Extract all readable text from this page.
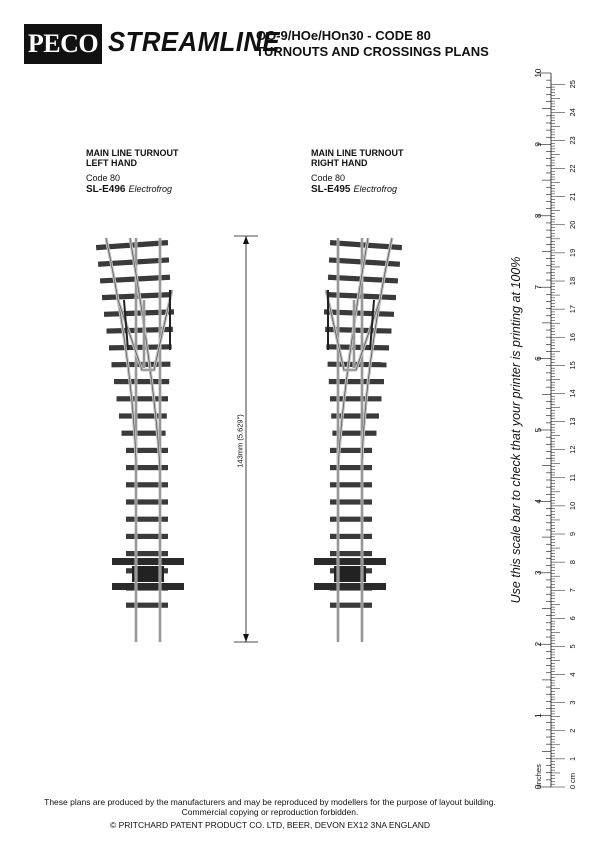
PECO STREAMLINE
OO-9/HOe/HOn30 - CODE 80
TURNOUTS AND CROSSINGS PLANS
MAIN LINE TURNOUT
LEFT HAND
Code 80
SL-E496 Electrofrog
MAIN LINE TURNOUT
RIGHT HAND
Code 80
SL-E495 Electrofrog
0
1
2
3
4
5
6
7
8
9
10
0
1
2
3
4
5
6
7
8
9
10
11
12
13
14
15
16
17
18
19
20
21
22
23
24
25
inches	cm
143mm (5.629")	Use this scale bar to check that your printer is printing at 100%
These plans are produced by the manufacturers and may be reproduced by modellers for the purpose of layout building.
Commercial copying or reproduction forbidden.
© PRITCHARD PATENT PRODUCT CO. LTD, BEER, DEVON EX12 3NA ENGLAND
